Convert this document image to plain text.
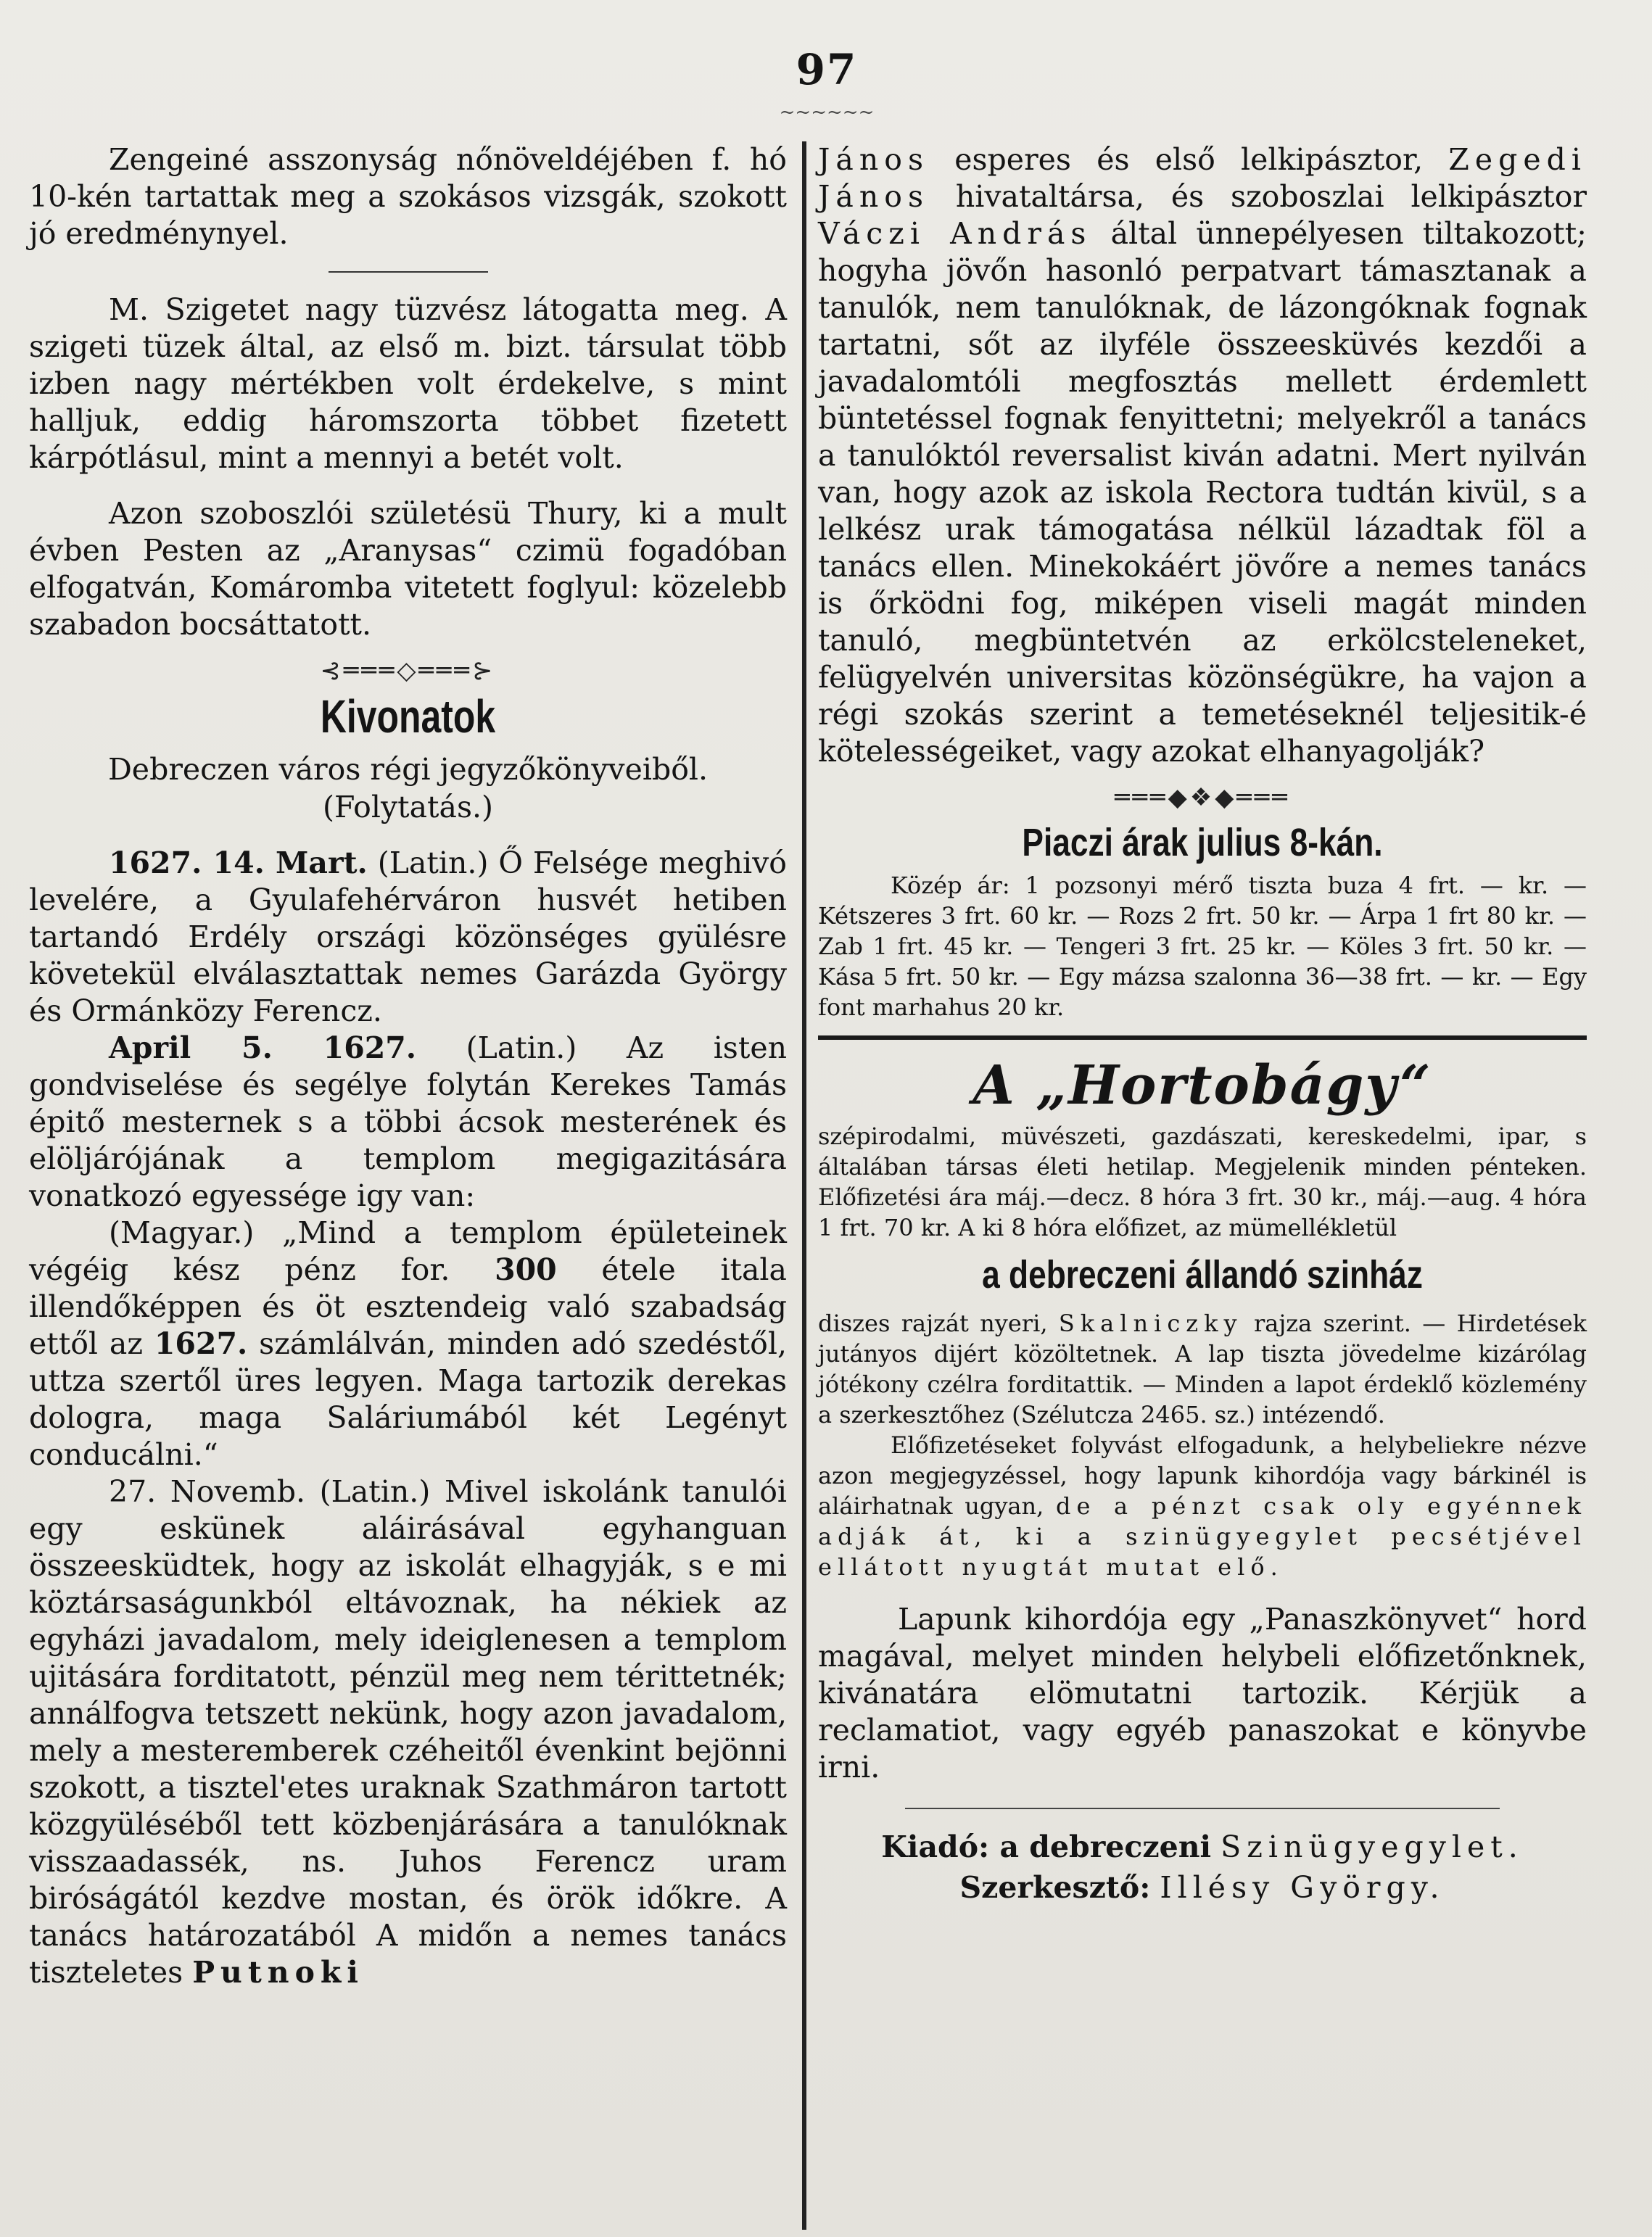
97
~~~~~~

Zengeiné asszonyság nőnöveldéjében f. hó 10-kén tartattak meg a szokásos vizsgák, szokott jó eredménynyel.

M. Szigetet nagy tüzvész látogatta meg. A szigeti tüzek által, az első m. bizt. társulat több izben nagy mértékben volt érdekelve, s mint halljuk, eddig háromszorta többet fizetett kárpótlásul, mint a mennyi a betét volt.

Azon szoboszlói születésü Thury, ki a mult évben Pesten az „Aranysas“ czimü fogadóban elfogatván, Komáromba vitetett foglyul: közelebb szabadon bocsáttatott.

⊰═══◇═══⊱
Kivonatok

Debreczen város régi jegyzőkönyveiből.

(Folytatás.)

1627. 14. Mart. (Latin.) Ő Felsége meghivó levelére, a Gyulafehérváron husvét hetiben tartandó Erdély országi közönséges gyülésre követekül elválasztattak nemes Garázda György és Ormánközy Ferencz.

April 5. 1627. (Latin.) Az isten gondviselése és segélye folytán Kerekes Tamás épitő mesternek s a többi ácsok mesterének és elöljárójának a templom megigazitására vonatkozó egyessége igy van:

(Magyar.) „Mind a templom épületeinek végéig kész pénz for. 300 étele itala illendőképpen és öt esztendeig való szabadság ettől az 1627. számlálván, minden adó szedéstől, uttza szertől üres legyen. Maga tartozik derekas dologra, maga Saláriumából két Legényt conducálni.“

27. Novemb. (Latin.) Mivel iskolánk tanulói egy eskünek aláirásával egyhanguan összeesküdtek, hogy az iskolát elhagyják, s e mi köztársaságunkból eltávoznak, ha nékiek az egyházi javadalom, mely ideiglenesen a templom ujitására forditatott, pénzül meg nem térittetnék; annálfogva tetszett nekünk, hogy azon javadalom, mely a mesteremberek czéheitől évenkint bejönni szokott, a tisztel'etes uraknak Szathmáron tartott közgyüléséből tett közbenjárására a tanulóknak visszaadassék, ns. Juhos Ferencz uram biróságától kezdve mostan, és örök időkre. A tanács határozatából A midőn a nemes tanács tiszteletes Putnoki

János esperes és első lelkipásztor, Zegedi János hivataltársa, és szoboszlai lelkipásztor Váczi András által ünnepélyesen tiltakozott; hogyha jövőn hasonló perpatvart támasztanak a tanulók, nem tanulóknak, de lázongóknak fognak tartatni, sőt az ilyféle összeesküvés kezdői a javadalomtóli megfosztás mellett érdemlett büntetéssel fognak fenyittetni; melyekről a tanács a tanulóktól reversalist kiván adatni. Mert nyilván van, hogy azok az iskola Rectora tudtán kivül, s a lelkész urak támogatása nélkül lázadtak föl a tanács ellen. Minekokáért jövőre a nemes tanács is őrködni fog, miképen viseli magát minden tanuló, megbüntetvén az erkölcsteleneket, felügyelvén universitas közönségükre, ha vajon a régi szokás szerint a temetéseknél teljesitik-é kötelességeiket, vagy azokat elhanyagolják?

═══◆❖◆═══
Piaczi árak julius 8-kán.

Közép ár: 1 pozsonyi mérő tiszta buza 4 frt. — kr. — Kétszeres 3 frt. 60 kr. — Rozs 2 frt. 50 kr. — Árpa 1 frt 80 kr. — Zab 1 frt. 45 kr. — Tengeri 3 frt. 25 kr. — Köles 3 frt. 50 kr. — Kása 5 frt. 50 kr. — Egy mázsa szalonna 36—38 frt. — kr. — Egy font marhahus 20 kr.

A „Hortobágy“

szépirodalmi, müvészeti, gazdászati, kereskedelmi, ipar, s általában társas életi hetilap. Megjelenik minden pénteken. Előfizetési ára máj.—decz. 8 hóra 3 frt. 30 kr., máj.—aug. 4 hóra 1 frt. 70 kr. A ki 8 hóra előfizet, az mümellékletül

a debreczeni állandó szinház

diszes rajzát nyeri, Skalniczky rajza szerint. — Hirdetések jutányos dijért közöltetnek. A lap tiszta jövedelme kizárólag jótékony czélra forditattik. — Minden a lapot érdeklő közlemény a szerkesztőhez (Szélutcza 2465. sz.) intézendő.

Előfizetéseket folyvást elfogadunk, a helybeliekre nézve azon megjegyzéssel, hogy lapunk kihordója vagy bárkinél is aláirhatnak ugyan, de a pénzt csak oly egyénnek adják át, ki a szinügyegylet pecsétjével ellátott nyugtát mutat elő.

Lapunk kihordója egy „Panaszkönyvet“ hord magával, melyet minden helybeli előfizetőnknek, kivánatára elömutatni tartozik. Kérjük a reclamatiot, vagy egyéb panaszokat e könyvbe irni.

Kiadó: a debreczeni Szinügyegylet.

Szerkesztő: Illésy György.
